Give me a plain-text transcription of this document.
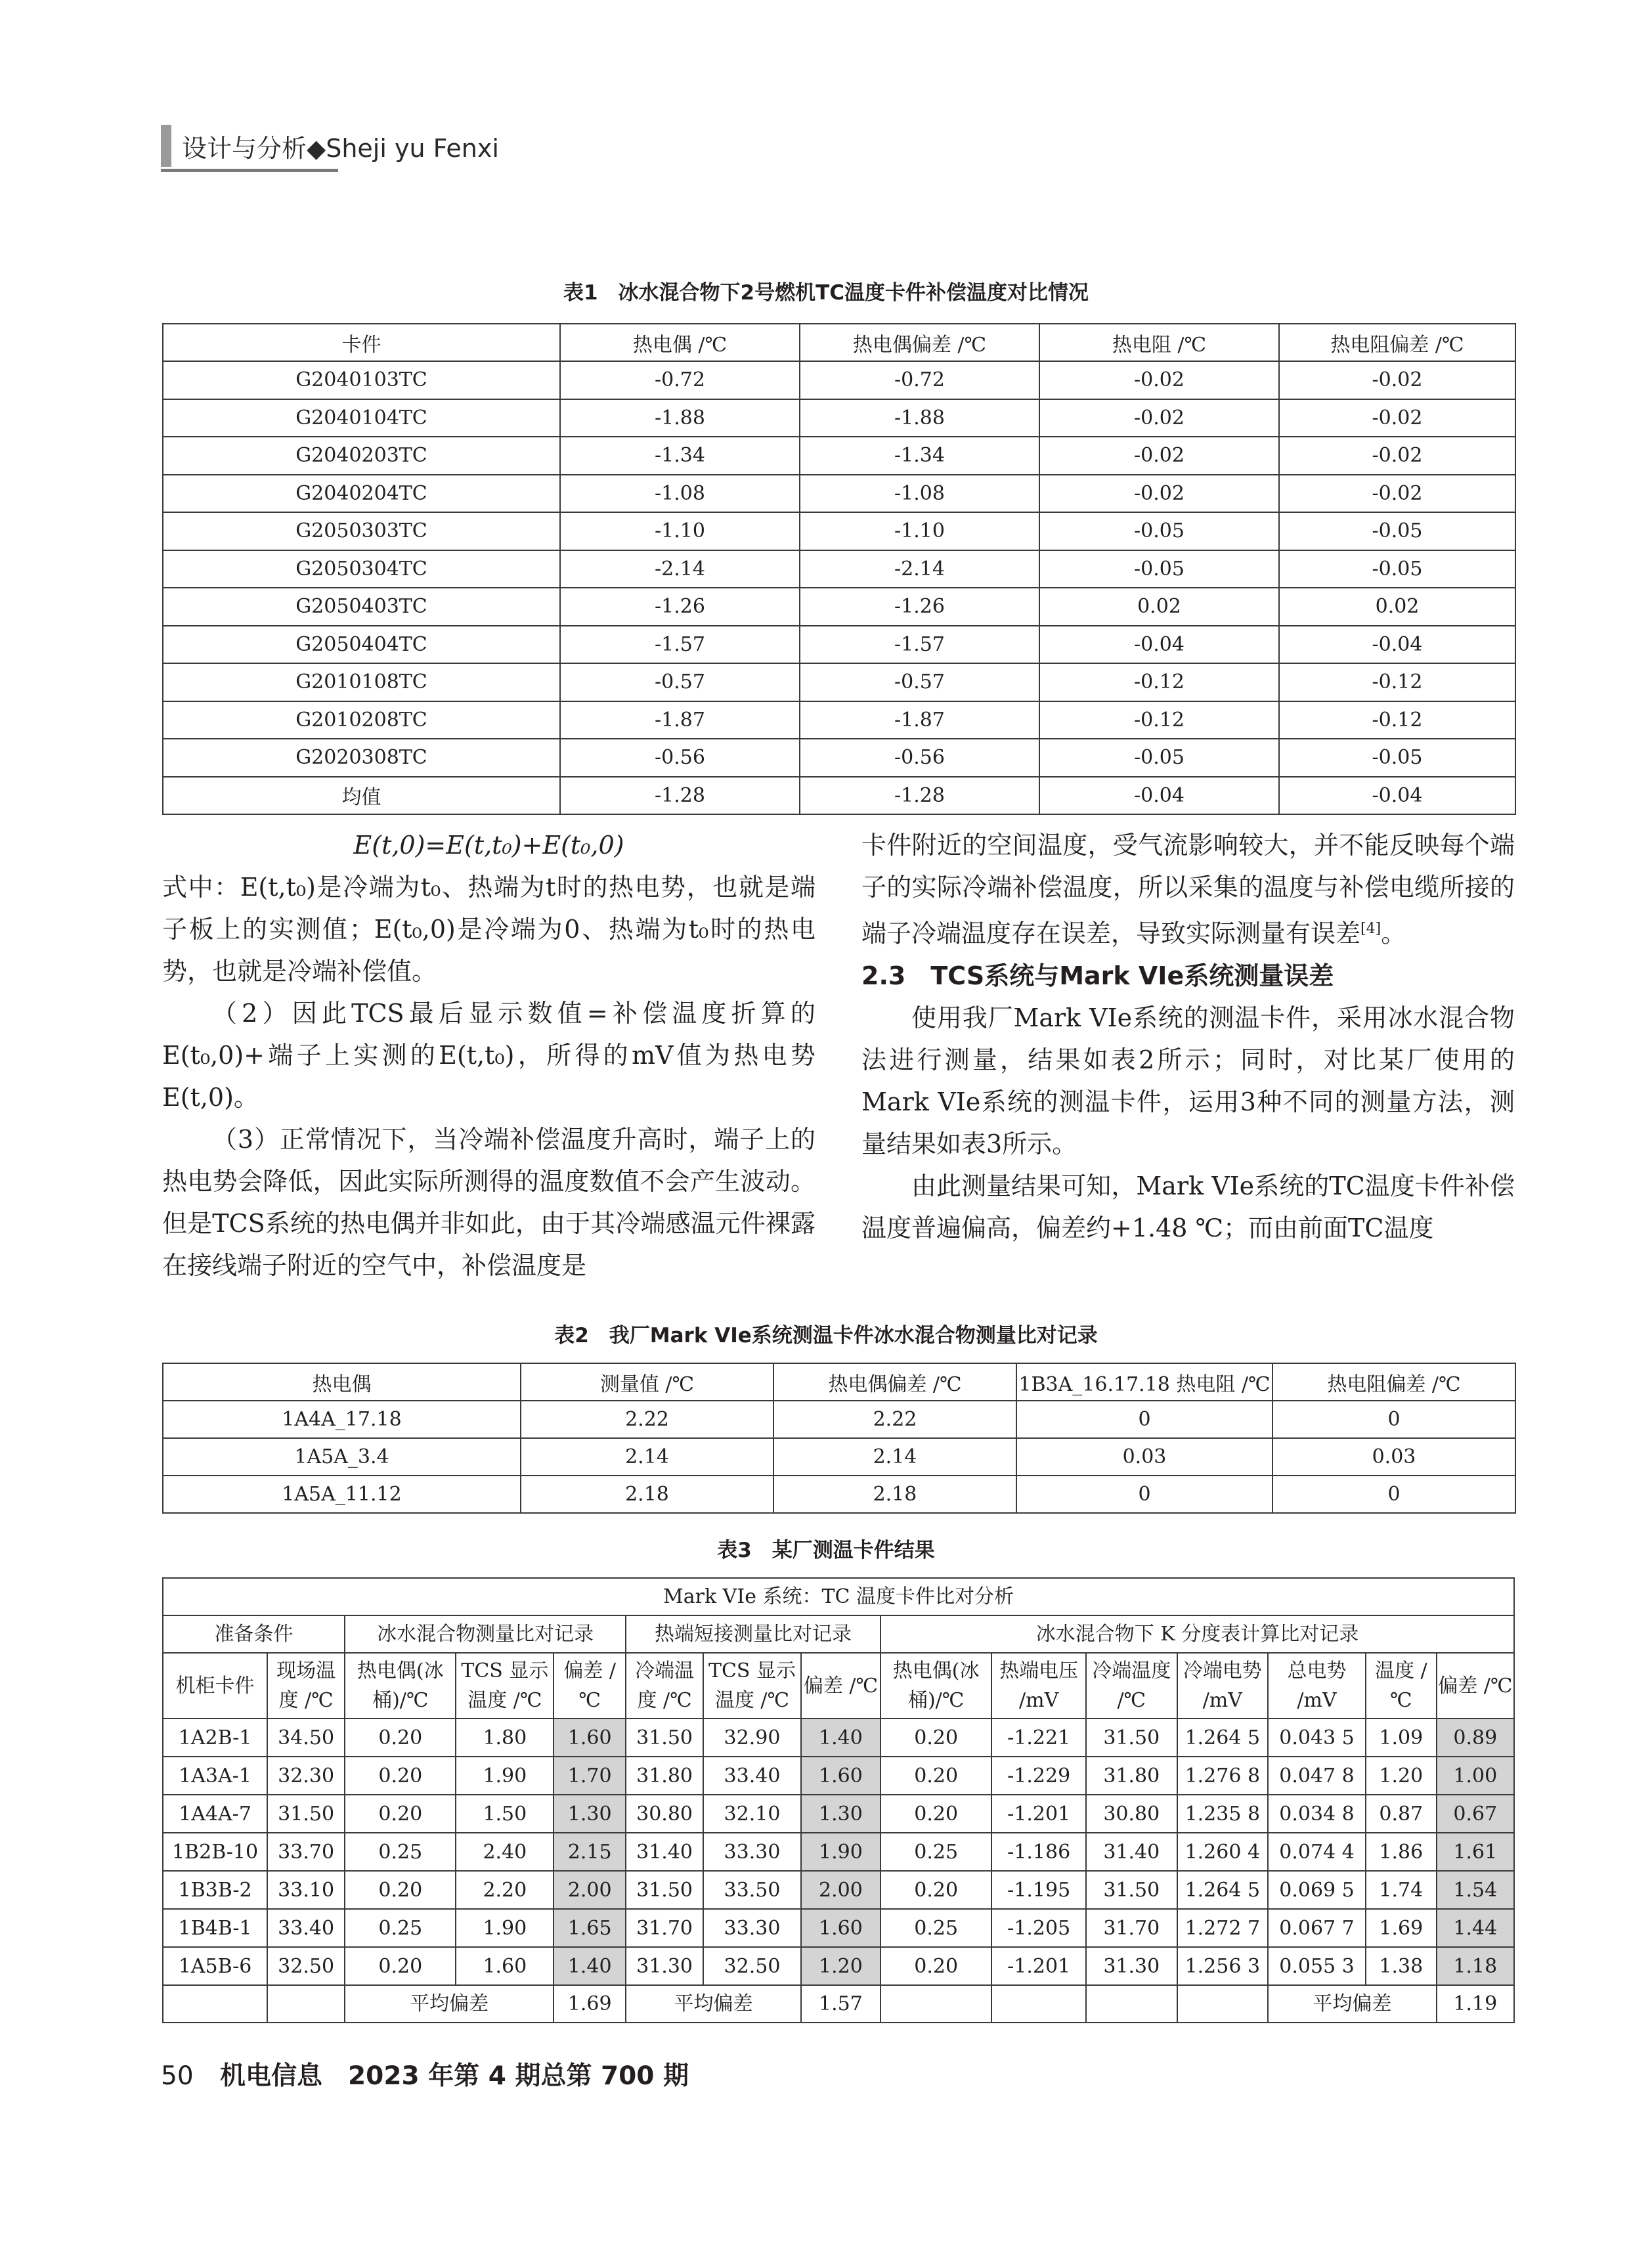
设计与分析◆Sheji yu Fenxi
表1　冰水混合物下2号燃机TC温度卡件补偿温度对比情况
卡件	热电偶 /℃	热电偶偏差 /℃	热电阻 /℃	热电阻偏差 /℃
G2040103TC	-0.72	-0.72	-0.02	-0.02
G2040104TC	-1.88	-1.88	-0.02	-0.02
G2040203TC	-1.34	-1.34	-0.02	-0.02
G2040204TC	-1.08	-1.08	-0.02	-0.02
G2050303TC	-1.10	-1.10	-0.05	-0.05
G2050304TC	-2.14	-2.14	-0.05	-0.05
G2050403TC	-1.26	-1.26	0.02	0.02
G2050404TC	-1.57	-1.57	-0.04	-0.04
G2010108TC	-0.57	-0.57	-0.12	-0.12
G2010208TC	-1.87	-1.87	-0.12	-0.12
G2020308TC	-0.56	-0.56	-0.05	-0.05
均值	-1.28	-1.28	-0.04	-0.04

E(t,0)=E(t,t₀)+E(t₀,0)

式中：E(t,t₀)是冷端为t₀、热端为t时的热电势，也就是端子板上的实测值；E(t₀,0)是冷端为0、热端为t₀时的热电势，也就是冷端补偿值。

（2）因此TCS最后显示数值=补偿温度折算的E(t₀,0)+端子上实测的E(t,t₀)，所得的mV值为热电势E(t,0)。

（3）正常情况下，当冷端补偿温度升高时，端子上的热电势会降低，因此实际所测得的温度数值不会产生波动。但是TCS系统的热电偶并非如此，由于其冷端感温元件裸露在接线端子附近的空气中，补偿温度是

卡件附近的空间温度，受气流影响较大，并不能反映每个端子的实际冷端补偿温度，所以采集的温度与补偿电缆所接的端子冷端温度存在误差，导致实际测量有误差[4]。

2.3　TCS系统与Mark VIe系统测量误差

使用我厂Mark VIe系统的测温卡件，采用冰水混合物法进行测量，结果如表2所示；同时，对比某厂使用的Mark VIe系统的测温卡件，运用3种不同的测量方法，测量结果如表3所示。

由此测量结果可知，Mark VIe系统的TC温度卡件补偿温度普遍偏高，偏差约+1.48 ℃；而由前面TC温度

表2　我厂Mark VIe系统测温卡件冰水混合物测量比对记录
热电偶	测量值 /℃	热电偶偏差 /℃	1B3A_16.17.18 热电阻 /℃	热电阻偏差 /℃
1A4A_17.18	2.22	2.22	0	0
1A5A_3.4	2.14	2.14	0.03	0.03
1A5A_11.12	2.18	2.18	0	0
表3　某厂测温卡件结果
Mark VIe 系统：TC 温度卡件比对分析														
准备条件		冰水混合物测量比对记录			热端短接测量比对记录			冰水混合物下 K 分度表计算比对记录						
机柜卡件	现场温度 /℃	热电偶(冰桶)/℃	TCS 显示温度 /℃	偏差 /℃	冷端温度 /℃	TCS 显示温度 /℃	偏差 /℃	热电偶(冰桶)/℃	热端电压 /mV	冷端温度 /℃	冷端电势 /mV	总电势 /mV	温度 /℃	偏差 /℃
1A2B-1	34.50	0.20	1.80	1.60	31.50	32.90	1.40	0.20	-1.221	31.50	1.264 5	0.043 5	1.09	0.89
1A3A-1	32.30	0.20	1.90	1.70	31.80	33.40	1.60	0.20	-1.229	31.80	1.276 8	0.047 8	1.20	1.00
1A4A-7	31.50	0.20	1.50	1.30	30.80	32.10	1.30	0.20	-1.201	30.80	1.235 8	0.034 8	0.87	0.67
1B2B-10	33.70	0.25	2.40	2.15	31.40	33.30	1.90	0.25	-1.186	31.40	1.260 4	0.074 4	1.86	1.61
1B3B-2	33.10	0.20	2.20	2.00	31.50	33.50	2.00	0.20	-1.195	31.50	1.264 5	0.069 5	1.74	1.54
1B4B-1	33.40	0.25	1.90	1.65	31.70	33.30	1.60	0.25	-1.205	31.70	1.272 7	0.067 7	1.69	1.44
1A5B-6	32.50	0.20	1.60	1.40	31.30	32.50	1.20	0.20	-1.201	31.30	1.256 3	0.055 3	1.38	1.18
		平均偏差		1.69	平均偏差		1.57					平均偏差		1.19
50 机电信息　2023 年第 4 期总第 700 期
